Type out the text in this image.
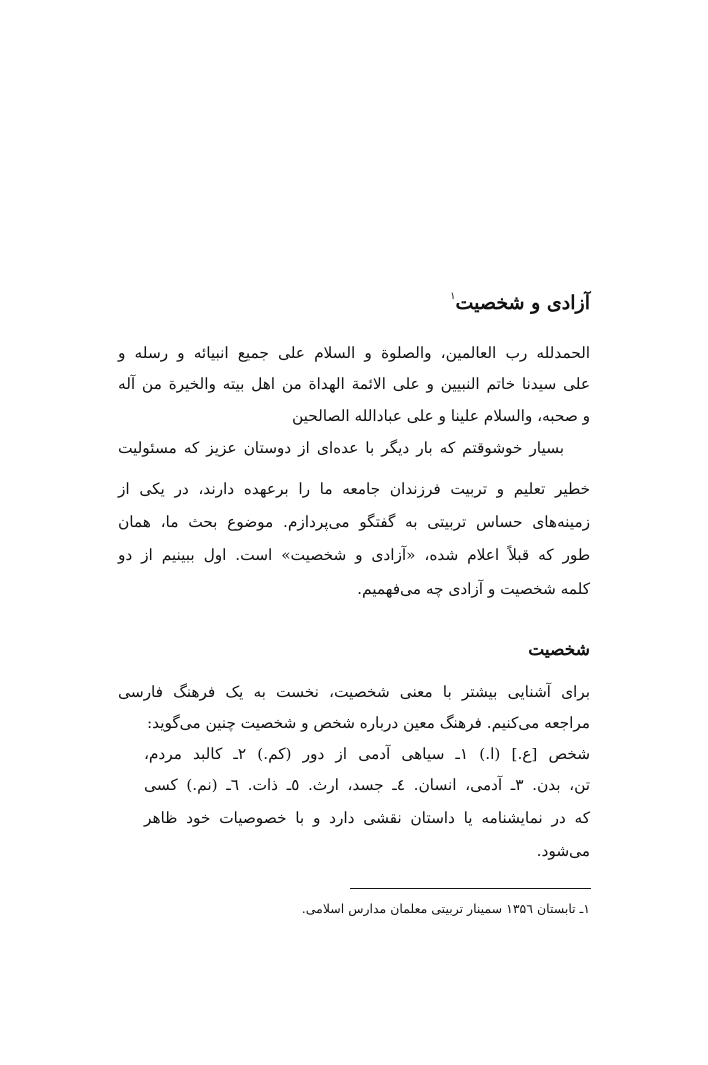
آزادی و شخصیت$^۱$
الحمدلله رب العالمین، والصلوة و السلام علی جمیع انبیائه و رسله و
علی سیدنا خاتم النبیین و علی الائمة الهداة من اهل بیته والخیرة من آله
و صحبه، والسلام علینا و علی عبادالله الصالحین
بسیار خوشوقتم که بار دیگر با عده‌ای از دوستان عزیز که مسئولیت
خطیر تعلیم و تربیت فرزندان جامعه ما را برعهده دارند، در یکی از
زمینه‌های حساس تربیتی به گفتگو می‌پردازم. موضوع بحث ما، همان
طور که قبلاً اعلام شده، «آزادی و شخصیت» است. اول ببینیم از دو
کلمه شخصیت و آزادی چه می‌فهمیم.
شخصیت
برای آشنایی بیشتر با معنی شخصیت، نخست به یک فرهنگ فارسی
مراجعه می‌کنیم. فرهنگ معین درباره شخص و شخصیت چنین می‌گوید:
شخص [ع.] (ا.) ۱ـ سیاهی آدمی از دور (کم.) ۲ـ کالبد مردم،
تن، بدن. ۳ـ آدمی، انسان. ٤ـ جسد، ارث. ٥ـ ذات. ٦ـ (نم.) کسی
که در نمایشنامه یا داستان نقشی دارد و با خصوصیات خود ظاهر
می‌شود.
۱ـ تابستان ۱۳۵٦ سمینار تربیتی معلمان مدارس اسلامی.
